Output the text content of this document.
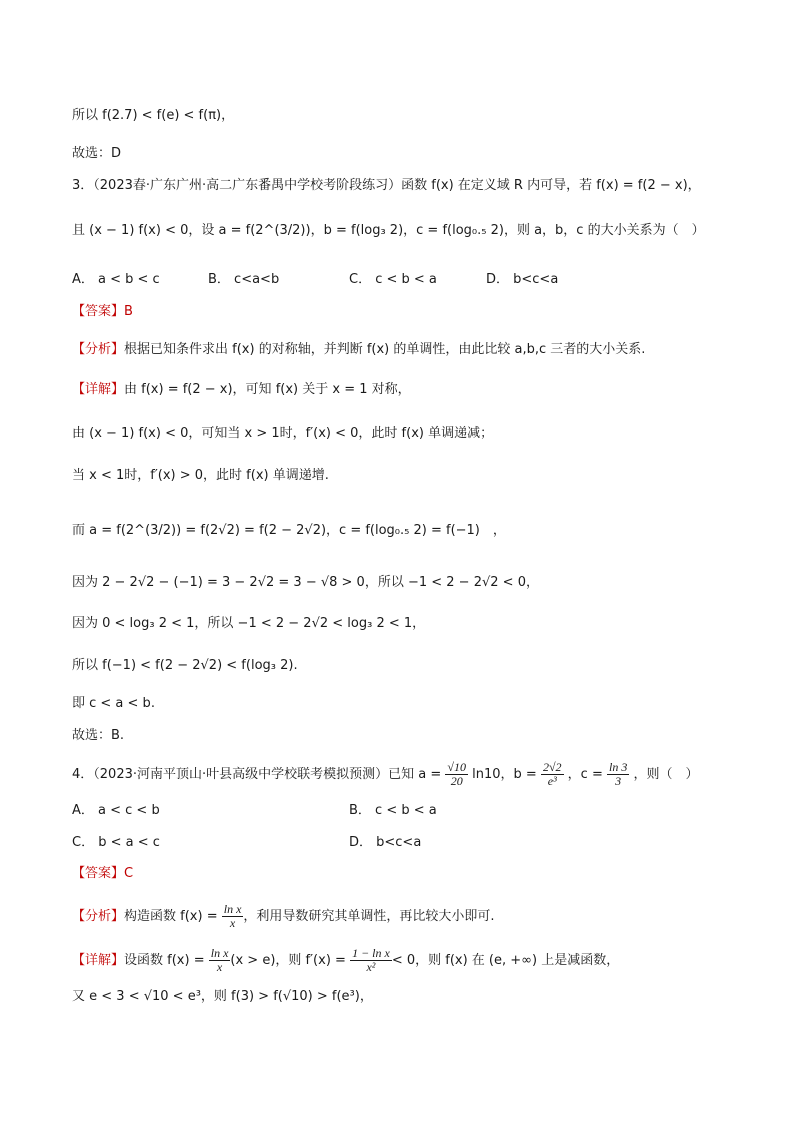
所以 f(2.7) < f(e) < f(π)，
故选：D
3．（2023春·广东广州·高二广东番禺中学校考阶段练习）函数 f(x) 在定义域 R 内可导，若 f(x) = f(2 − x)，
且 (x − 1) f(x) < 0，设 a = f(2^(3/2))，b = f(log₃ 2)，c = f(log₀.₅ 2)，则 a，b，c 的大小关系为（　）
A． a < b < c	B． c<a<b	C． c < b < a	D． b<c<a
【答案】B
【分析】根据已知条件求出 f(x) 的对称轴，并判断 f(x) 的单调性，由此比较 a,b,c 三者的大小关系.
【详解】由 f(x) = f(2 − x)，可知 f(x) 关于 x = 1 对称，
由 (x − 1) f(x) < 0，可知当 x > 1时，f′(x) < 0，此时 f(x) 单调递减；
当 x < 1时，f′(x) > 0，此时 f(x) 单调递增.
而 a = f(2^(3/2)) = f(2√2) = f(2 − 2√2)，c = f(log₀.₅ 2) = f(−1)　，
因为 2 − 2√2 − (−1) = 3 − 2√2 = 3 − √8 > 0，所以 −1 < 2 − 2√2 < 0，
因为 0 < log₃ 2 < 1，所以 −1 < 2 − 2√2 < log₃ 2 < 1，
所以 f(−1) < f(2 − 2√2) < f(log₃ 2).
即 c < a < b.
故选：B.
4．（2023·河南平顶山·叶县高级中学校联考模拟预测）已知 $a = \frac{√10}{20} \ln 10$，$b = \frac{2√2}{\text{e³}}$ ，$c = \frac{\ln 3}{3}$ ，则（　）
A． a < c < b	B． c < b < a
C． b < a < c	D． b<c<a
【答案】C
【分析】构造函数 $f(x) = \frac{\text{ln x}}{x}$ ，利用导数研究其单调性，再比较大小即可.
【详解】设函数 $f(x) = \frac{\text{ln x}}{x} (x > e)$，则 $f'(x) = \frac{\text{1 − ln x}}{\text{x²}} < 0$，则 f(x) 在 (e, +∞) 上是减函数，
又 e < 3 < √10 < e³，则 f(3) > f(√10) > f(e³)，
